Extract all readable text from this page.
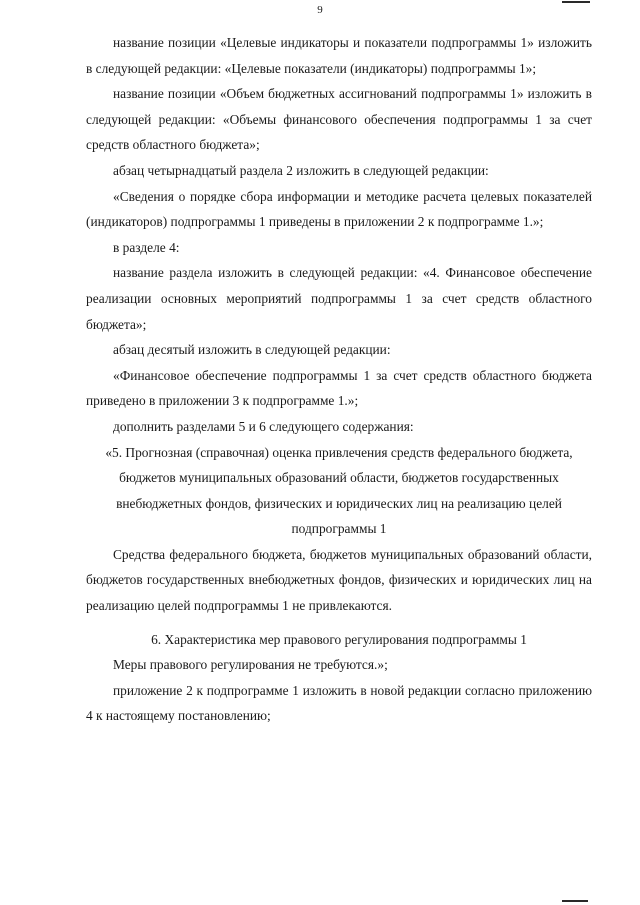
9

название позиции «Целевые индикаторы и показатели подпрограммы 1» изложить в следующей редакции: «Целевые показатели (индикаторы) подпрограммы 1»;

название позиции «Объем бюджетных ассигнований подпрограммы 1» изложить в следующей редакции: «Объемы финансового обеспечения подпрограммы 1 за счет средств областного бюджета»;

абзац четырнадцатый раздела 2 изложить в следующей редакции:

«Сведения о порядке сбора информации и методике расчета целевых показателей (индикаторов) подпрограммы 1 приведены в приложении 2 к подпрограмме 1.»;

в разделе 4:

название раздела изложить в следующей редакции: «4. Финансовое обеспечение реализации основных мероприятий подпрограммы 1 за счет средств областного бюджета»;

абзац десятый изложить в следующей редакции:

«Финансовое обеспечение подпрограммы 1 за счет средств областного бюджета приведено в приложении 3 к подпрограмме 1.»;

дополнить разделами 5 и 6 следующего содержания:

«5. Прогнозная (справочная) оценка привлечения средств федерального бюджета, бюджетов муниципальных образований области, бюджетов государственных внебюджетных фондов, физических и юридических лиц на реализацию целей подпрограммы 1

Средства федерального бюджета, бюджетов муниципальных образований области, бюджетов государственных внебюджетных фондов, физических и юридических лиц на реализацию целей подпрограммы 1 не привлекаются.

6. Характеристика мер правового регулирования подпрограммы 1

Меры правового регулирования не требуются.»;

приложение 2 к подпрограмме 1 изложить в новой редакции согласно приложению 4 к настоящему постановлению;
